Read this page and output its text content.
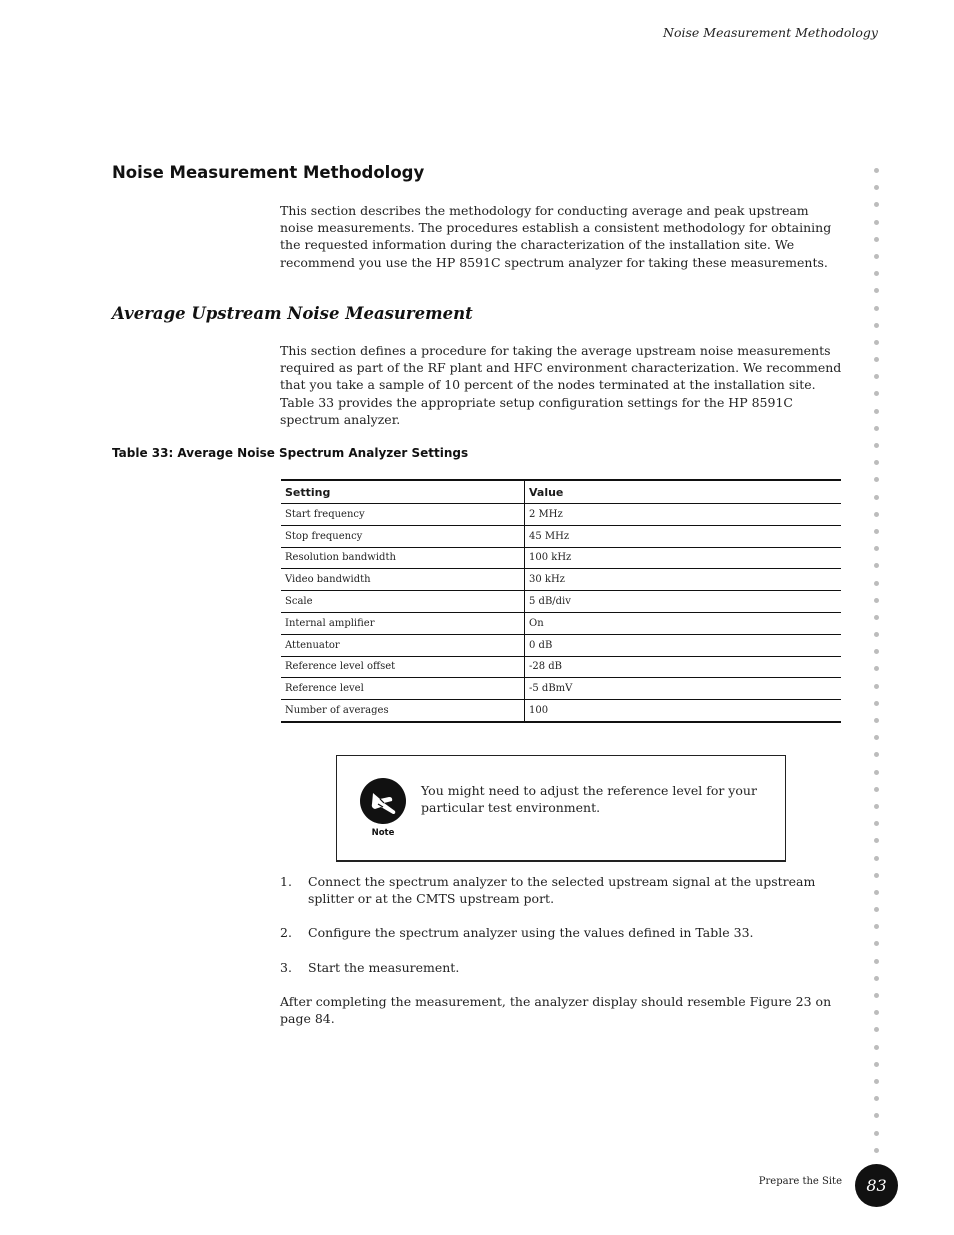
Noise Measurement Methodology
Noise Measurement Methodology

This section describes the methodology for conducting average and peak upstream noise measurements. The procedures establish a consistent methodology for obtaining the requested information during the characterization of the installation site. We recommend you use the HP 8591C spectrum analyzer for taking these measurements.

Average Upstream Noise Measurement

This section defines a procedure for taking the average upstream noise measurements required as part of the RF plant and HFC environment characterization. We recommend that you take a sample of 10 percent of the nodes terminated at the installation site. Table 33 provides the appropriate setup configuration settings for the HP 8591C spectrum analyzer.

Table 33: Average Noise Spectrum Analyzer Settings
Setting	Value
Start frequency	2 MHz
Stop frequency	45 MHz
Resolution bandwidth	100 kHz
Video bandwidth	30 kHz
Scale	5 dB/div
Internal amplifier	On
Attenuator	0 dB
Reference level offset	-28 dB
Reference level	-5 dBmV
Number of averages	100
Note

You might need to adjust the reference level for your particular test environment.

1. Connect the spectrum analyzer to the selected upstream signal at the upstream splitter or at the CMTS upstream port.
2. Configure the spectrum analyzer using the values defined in Table 33.
3. Start the measurement.

After completing the measurement, the analyzer display should resemble Figure 23 on page 84.

Prepare the Site	83
